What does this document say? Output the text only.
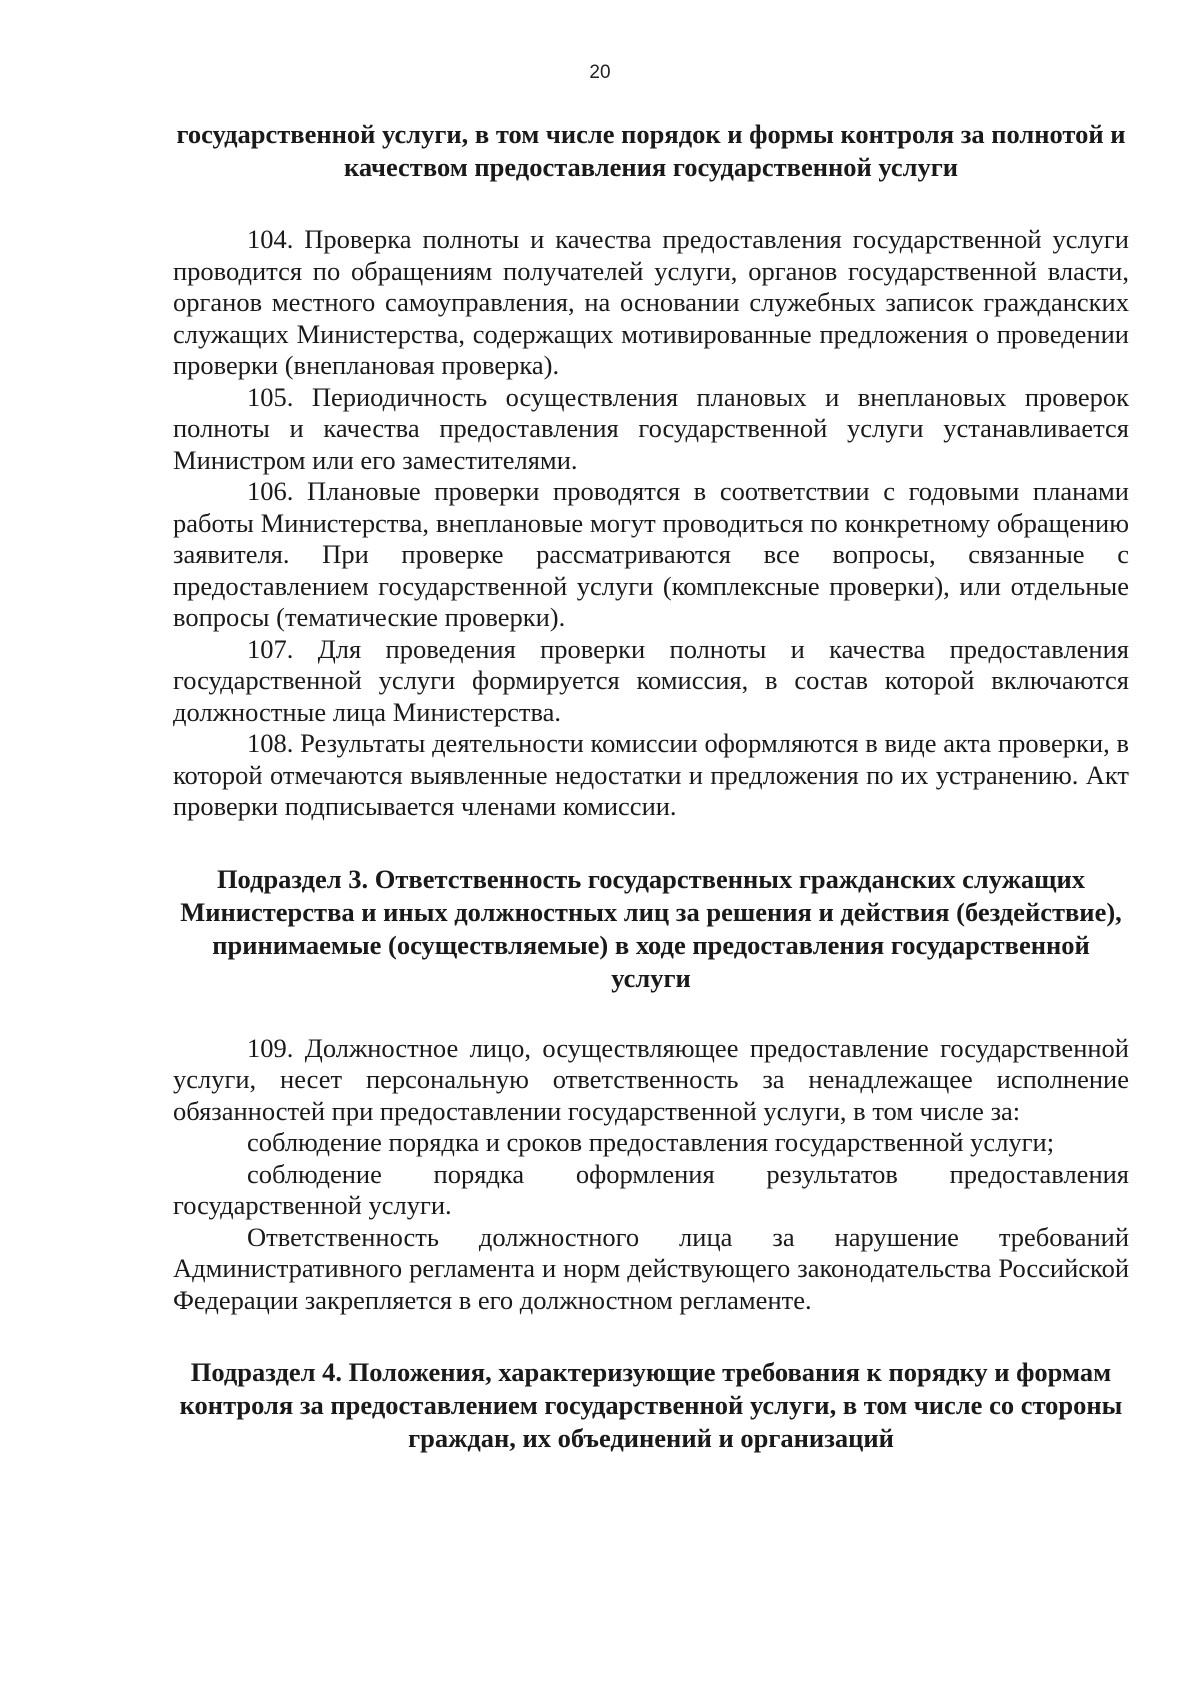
20

государственной услуги, в том числе порядок и формы контроля за полнотой и качеством предоставления государственной услуги

104. Проверка полноты и качества предоставления государственной услуги проводится по обращениям получателей услуги, органов государственной власти, органов местного самоуправления, на основании служебных записок гражданских служащих Министерства, содержащих мотивированные предложения о проведении проверки (внеплановая проверка).

105. Периодичность осуществления плановых и внеплановых проверок полноты и качества предоставления государственной услуги устанавливается Министром или его заместителями.

106. Плановые проверки проводятся в соответствии с годовыми планами работы Министерства, внеплановые могут проводиться по конкретному обращению заявителя. При проверке рассматриваются все вопросы, связанные с предоставлением государственной услуги (комплексные проверки), или отдельные вопросы (тематические проверки).

107. Для проведения проверки полноты и качества предоставления государственной услуги формируется комиссия, в состав которой включаются должностные лица Министерства.

108. Результаты деятельности комиссии оформляются в виде акта проверки, в которой отмечаются выявленные недостатки и предложения по их устранению. Акт проверки подписывается членами комиссии.

Подраздел 3. Ответственность государственных гражданских служащих Министерства и иных должностных лиц за решения и действия (бездействие), принимаемые (осуществляемые) в ходе предоставления государственной услуги

109. Должностное лицо, осуществляющее предоставление государственной услуги, несет персональную ответственность за ненадлежащее исполнение обязанностей при предоставлении государственной услуги, в том числе за:

соблюдение порядка и сроков предоставления государственной услуги;

соблюдение порядка оформления результатов предоставления государственной услуги.

Ответственность должностного лица за нарушение требований Административного регламента и норм действующего законодательства Российской Федерации закрепляется в его должностном регламенте.

Подраздел 4. Положения, характеризующие требования к порядку и формам контроля за предоставлением государственной услуги, в том числе со стороны граждан, их объединений и организаций
